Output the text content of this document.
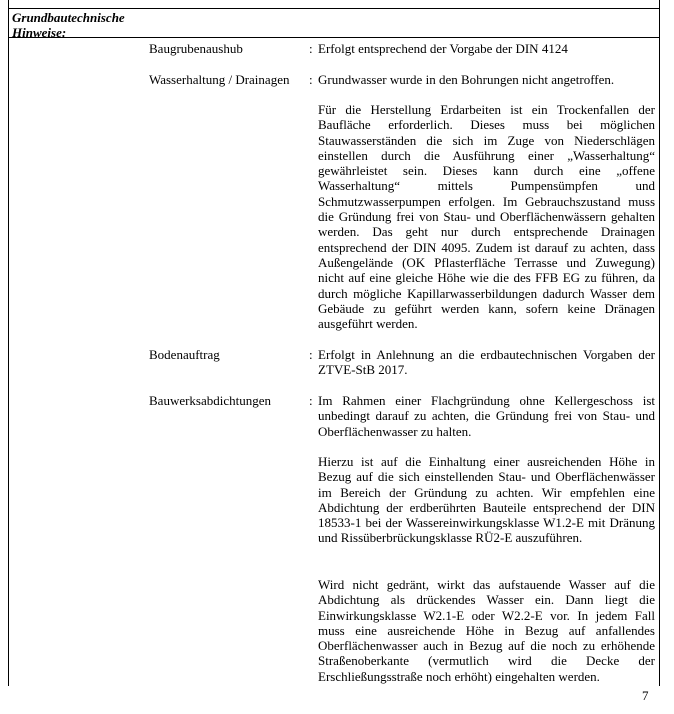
Grundbautechnische
Hinweise:
Baugrubenaushub	: Erfolgt entsprechend der Vorgabe der DIN 4124

Wasserhaltung / Drainagen : Grundwasser wurde in den Bohrungen nicht angetroffen.

Für die Herstellung Erdarbeiten ist ein Trockenfallen der Baufläche erforderlich. Dieses muss bei möglichen Stauwasserständen die sich im Zuge von Niederschlägen einstellen durch die Ausführung einer „Wasserhaltung“ gewährleistet sein. Dieses kann durch eine „offene Wasserhaltung“ mittels Pumpensümpfen und Schmutzwasserpumpen erfolgen. Im Gebrauchszustand muss die Gründung frei von Stau- und Oberflächenwässern gehalten werden. Das geht nur durch entsprechende Drainagen entsprechend der DIN 4095. Zudem ist darauf zu achten, dass Außengelände (OK Pflasterfläche Terrasse und Zuwegung) nicht auf eine gleiche Höhe wie die des FFB EG zu führen, da durch mögliche Kapillarwasserbildungen dadurch Wasser dem Gebäude zu geführt werden kann, sofern keine Dränagen ausgeführt werden.

Bodenauftrag	: Erfolgt in Anlehnung an die erdbautechnischen Vorgaben der ZTVE-StB 2017.

Bauwerksabdichtungen	: Im Rahmen einer Flachgründung ohne Kellergeschoss ist unbedingt darauf zu achten, die Gründung frei von Stau- und Oberflächenwasser zu halten.

Hierzu ist auf die Einhaltung einer ausreichenden Höhe in Bezug auf die sich einstellenden Stau- und Oberflächenwässer im Bereich der Gründung zu achten. Wir empfehlen eine Abdichtung der erdberührten Bauteile entsprechend der DIN 18533-1 bei der Wassereinwirkungsklasse W1.2-E mit Dränung und Rissüberbrückungsklasse RÜ2-E auszuführen.

Wird nicht gedränt, wirkt das aufstauende Wasser auf die Abdichtung als drückendes Wasser ein. Dann liegt die Einwirkungsklasse W2.1-E oder W2.2-E vor. In jedem Fall muss eine ausreichende Höhe in Bezug auf anfallendes Oberflächenwasser auch in Bezug auf die noch zu erhöhende Straßenoberkante (vermutlich wird die Decke der Erschließungsstraße noch erhöht) eingehalten werden.

7
